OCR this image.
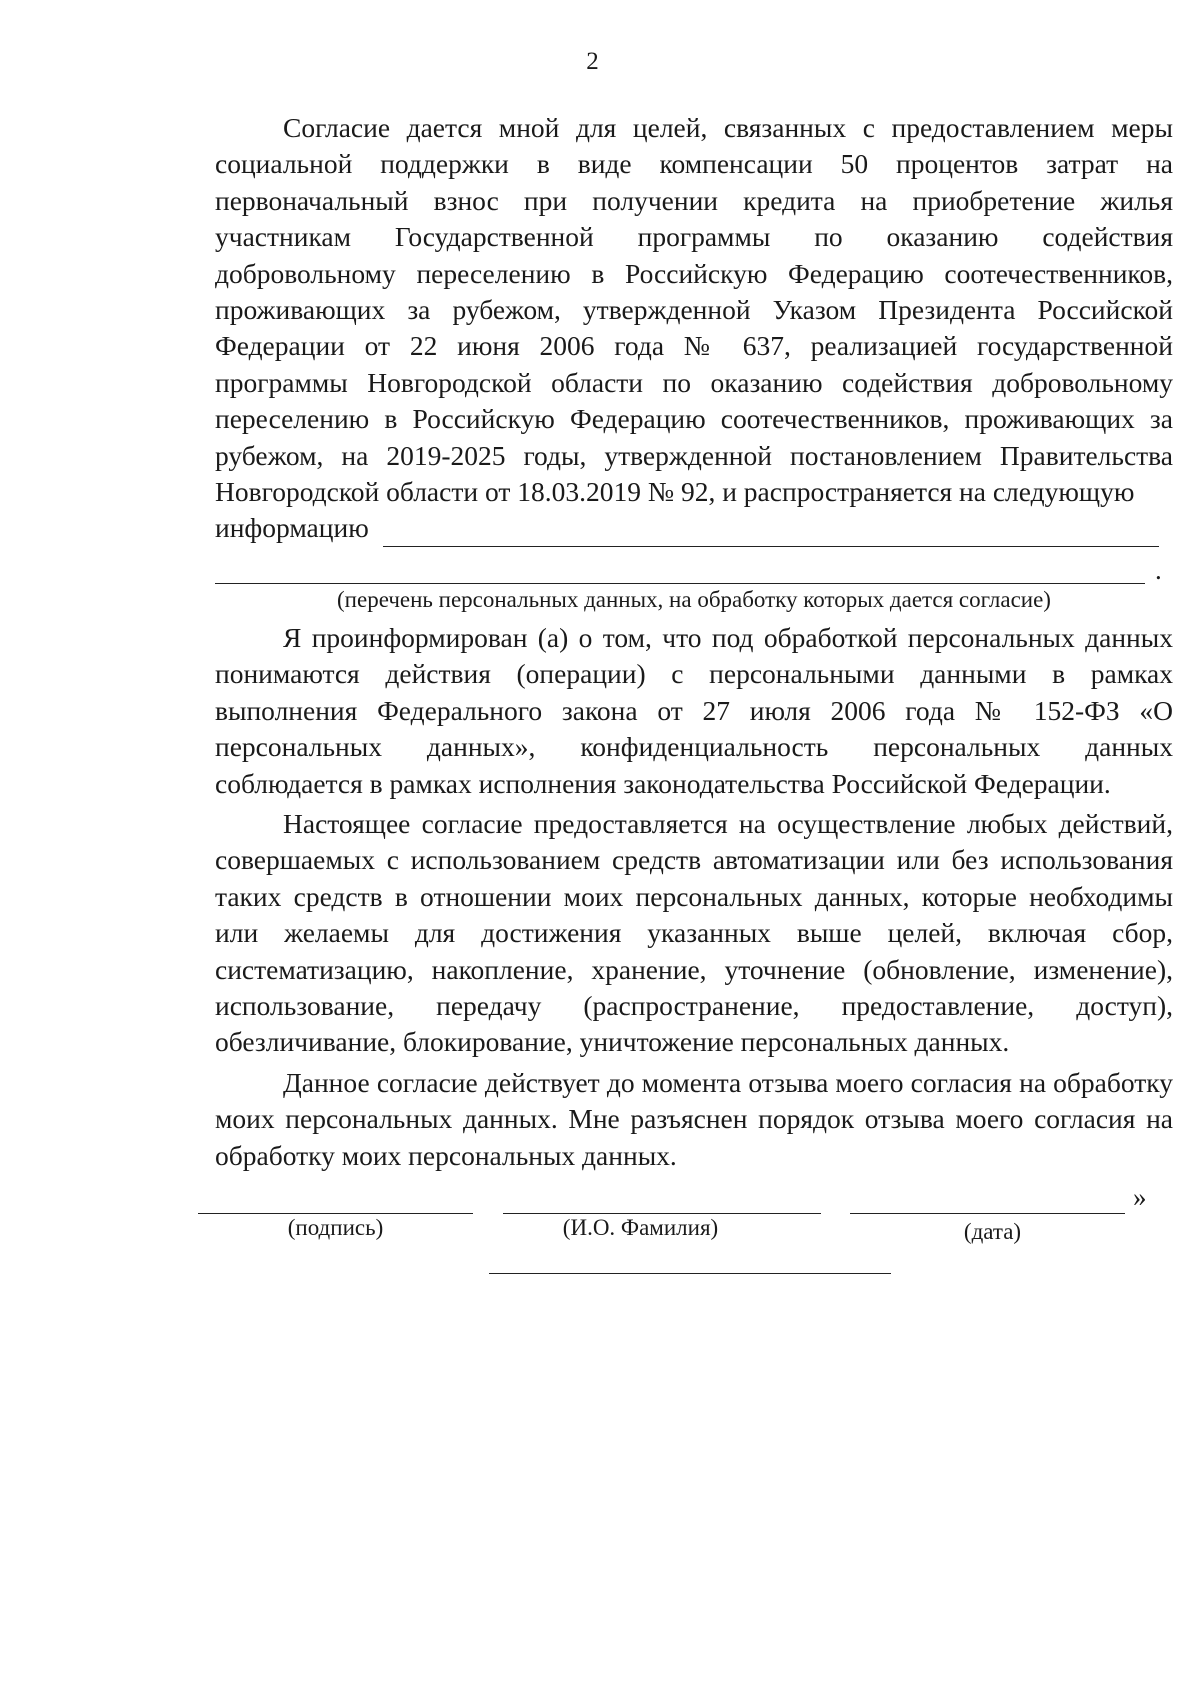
2

Согласие дается мной для целей, связанных с предоставлением меры социальной поддержки в виде компенсации 50 процентов затрат на первоначальный взнос при получении кредита на приобретение жилья участникам Государственной программы по оказанию содействия добровольному переселению в Российскую Федерацию соотечественников, проживающих за рубежом, утвержденной Указом Президента Российской Федерации от 22 июня 2006 года № 637, реализацией государственной программы Новгородской области по оказанию содействия добровольному переселению в Российскую Федерацию соотечественников, проживающих за рубежом, на 2019-2025 годы, утвержденной постановлением Правительства Новгородской области от 18.03.2019 № 92, и распространяется на следующую

информацию
.
(перечень персональных данных, на обработку которых дается согласие)

Я проинформирован (а) о том, что под обработкой персональных данных понимаются действия (операции) с персональными данными в рамках выполнения Федерального закона от 27 июля 2006 года № 152-ФЗ «О персональных данных», конфиденциальность персональных данных соблюдается в рамках исполнения законодательства Российской Федерации.

Настоящее согласие предоставляется на осуществление любых действий, совершаемых с использованием средств автоматизации или без использования таких средств в отношении моих персональных данных, которые необходимы или желаемы для достижения указанных выше целей, включая сбор, систематизацию, накопление, хранение, уточнение (обновление, изменение), использование, передачу (распространение, предоставление, доступ), обезличивание, блокирование, уничтожение персональных данных.

Данное согласие действует до момента отзыва моего согласия на обработку моих персональных данных. Мне разъяснен порядок отзыва моего согласия на обработку моих персональных данных.

(подпись)	(И.О. Фамилия)
»
(дата)
